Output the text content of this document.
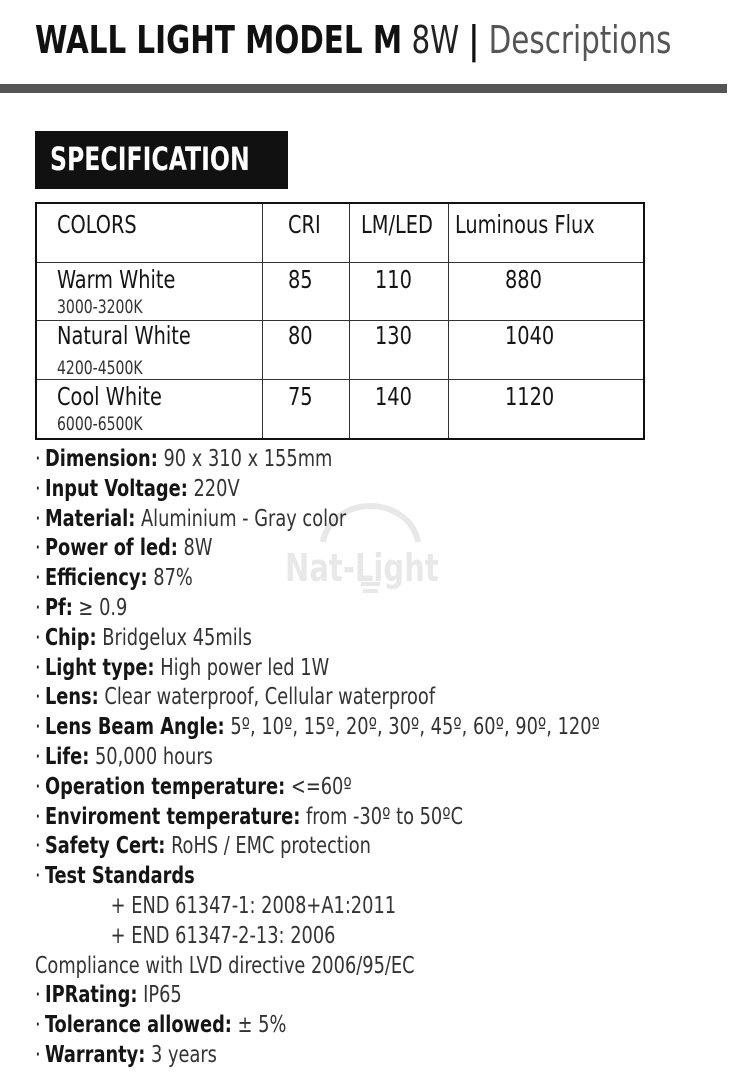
WALL LIGHT MODEL M 8W | Descriptions
SPECIFICATION
COLORS	CRI	LM/LED	Luminous Flux

Warm White
3000-3200K	85	110	880

Natural White
4200-4500K	80	130	1040

Cool White
6000-6500K	75	140	1120
Nat-Light
· Dimension: 90 x 310 x 155mm
· Input Voltage: 220V
· Material: Aluminium - Gray color
· Power of led: 8W
· Efficiency: 87%
· Pf: ≥ 0.9
· Chip: Bridgelux 45mils
· Light type: High power led 1W
· Lens: Clear waterproof, Cellular waterproof
· Lens Beam Angle: 5º, 10º, 15º, 20º, 30º, 45º, 60º, 90º, 120º
· Life: 50,000 hours
· Operation temperature: <=60º
· Enviroment temperature: from -30º to 50ºC
· Safety Cert: RoHS / EMC protection
· Test Standards
+ END 61347-1: 2008+A1:2011
+ END 61347-2-13: 2006
Compliance with LVD directive 2006/95/EC
· IPRating: IP65
· Tolerance allowed: ± 5%
· Warranty: 3 years
